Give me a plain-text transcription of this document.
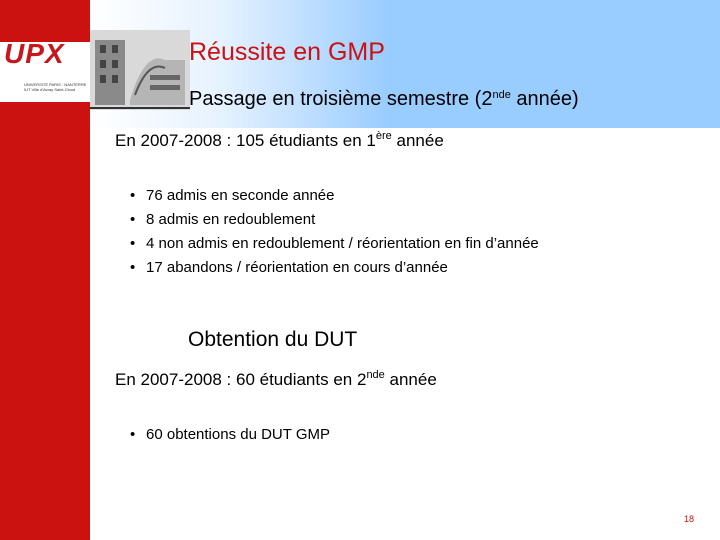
UPX
UNIVERSITÉ PARIS · NANTERRE
IUT Ville d'Avray Saint-Cloud
Réussite en GMP
Passage en troisième semestre (2nde année)
En 2007-2008 : 105 étudiants en 1ère année
• 76 admis en seconde année
• 8 admis en redoublement
• 4 non admis en redoublement / réorientation en fin d’année
• 17 abandons / réorientation en cours d’année
Obtention du DUT
En 2007-2008 : 60 étudiants en 2nde année
• 60 obtentions du DUT GMP
18
